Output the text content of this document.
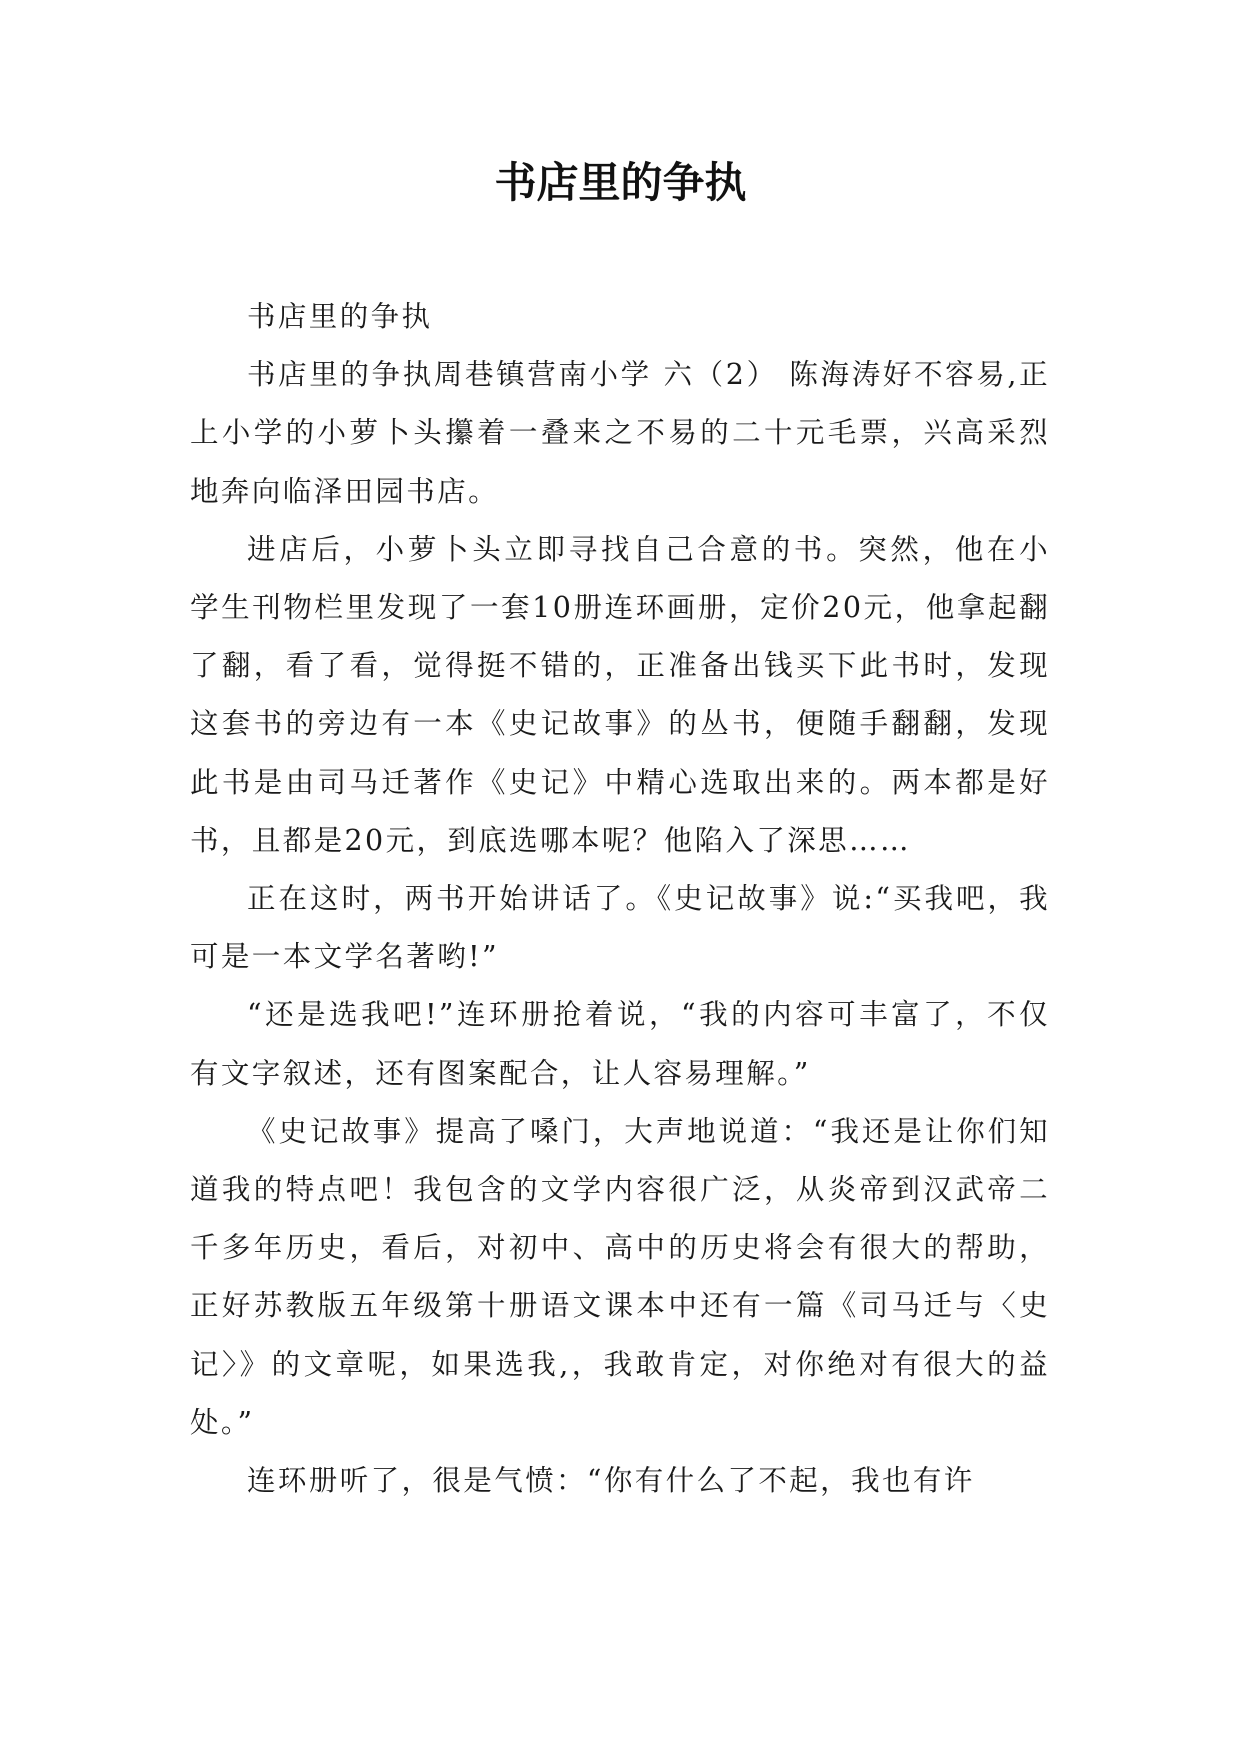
书店里的争执

书店里的争执

书店里的争执周巷镇营南小学 六（2） 陈海涛好不容易,正上小学的小萝卜头攥着一叠来之不易的二十元毛票，兴高采烈地奔向临泽田园书店。

进店后，小萝卜头立即寻找自己合意的书。突然，他在小学生刊物栏里发现了一套10册连环画册，定价20元，他拿起翻了翻，看了看，觉得挺不错的，正准备出钱买下此书时，发现这套书的旁边有一本《史记故事》的丛书，便随手翻翻，发现此书是由司马迁著作《史记》中精心选取出来的。两本都是好书，且都是20元，到底选哪本呢？他陷入了深思……

正在这时，两书开始讲话了。《史记故事》说:“买我吧，我可是一本文学名著哟!”

“还是选我吧!”连环册抢着说，“我的内容可丰富了，不仅有文字叙述，还有图案配合，让人容易理解。”

《史记故事》提高了嗓门，大声地说道：“我还是让你们知道我的特点吧！我包含的文学内容很广泛，从炎帝到汉武帝二千多年历史，看后，对初中、高中的历史将会有很大的帮助，正好苏教版五年级第十册语文课本中还有一篇《司马迁与〈史记〉》的文章呢，如果选我,，我敢肯定，对你绝对有很大的益处。”

连环册听了，很是气愤：“你有什么了不起，我也有许
